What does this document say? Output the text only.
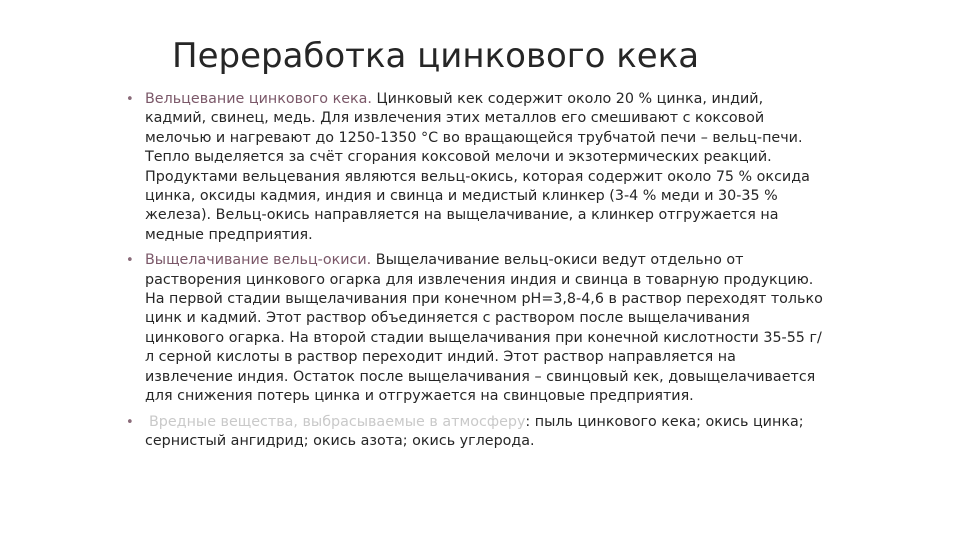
Переработка цинкового кека
• Вельцевание цинкового кека. Цинковый кек содержит около 20 % цинка, индий, кадмий, свинец, медь. Для извлечения этих металлов его смешивают с коксовой мелочью и нагревают до 1250-1350 °С во вращающейся трубчатой печи – вельц-печи. Тепло выделяется за счёт сгорания коксовой мелочи и экзотермических реакций. Продуктами вельцевания являются вельц-окись, которая содержит около 75 % оксида цинка, оксиды кадмия, индия и свинца и медистый клинкер (3-4 % меди и 30-35 % железа). Вельц-окись направляется на выщелачивание, а клинкер отгружается на медные предприятия.
• Выщелачивание вельц-окиси. Выщелачивание вельц-окиси ведут отдельно от растворения цинкового огарка для извлечения индия и свинца в товарную продукцию. На первой стадии выщелачивания при конечном рН=3,8-4,6 в раствор переходят только цинк и кадмий. Этот раствор объединяется с раствором после выщелачивания цинкового огарка. На второй стадии выщелачивания при конечной кислотности 35-55 г/л серной кислоты в раствор переходит индий. Этот раствор направляется на извлечение индия. Остаток после выщелачивания – свинцовый кек, довыщелачивается для снижения потерь цинка и отгружается на свинцовые предприятия.
• Вредные вещества, выбрасываемые в атмосферу: пыль цинкового кека; окись цинка; сернистый ангидрид; окись азота; окись углерода.
